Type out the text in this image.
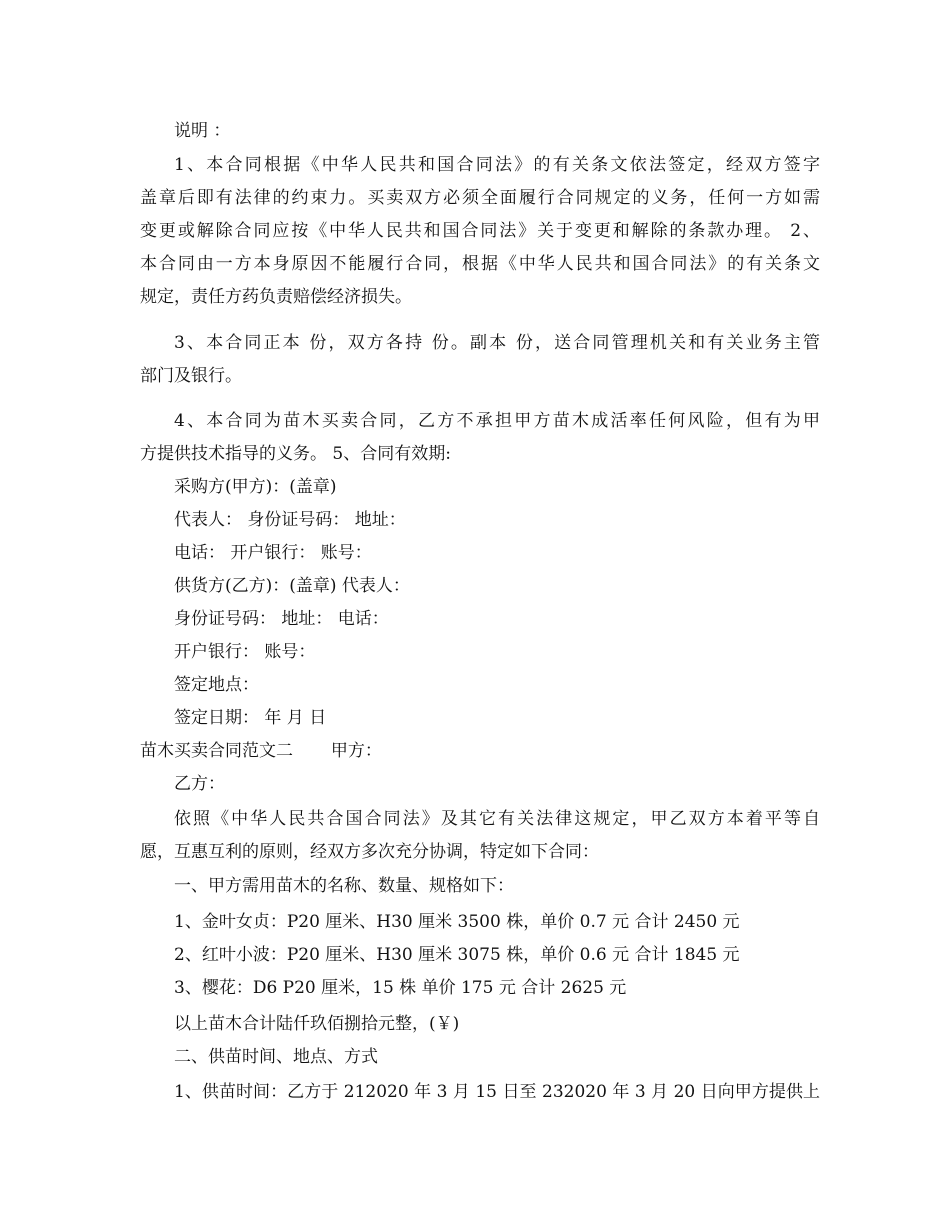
说明 ：

1、本合同根据《中华人民共和国合同法》的有关条文依法签定，经双方签字

盖章后即有法律的约束力。买卖双方必须全面履行合同规定的义务，任何一方如需

变更或解除合同应按《中华人民共和国合同法》关于变更和解除的条款办理。 2、

本合同由一方本身原因不能履行合同，根据《中华人民共和国合同法》的有关条文

规定，责任方药负责赔偿经济损失。

3、本合同正本 份，双方各持 份。副本 份，送合同管理机关和有关业务主管

部门及银行。

4、本合同为苗木买卖合同，乙方不承担甲方苗木成活率任何风险，但有为甲

方提供技术指导的义务。 5、合同有效期:

采购方(甲方)：(盖章)

代表人： 身份证号码： 地址：

电话： 开户银行： 账号：

供货方(乙方)：(盖章) 代表人：

身份证号码： 地址： 电话：

开户银行： 账号：

签定地点：

签定日期： 年 月 日

苗木买卖合同范文二       甲方：

乙方：

依照《中华人民共合国合同法》及其它有关法律这规定，甲乙双方本着平等自

愿，互惠互利的原则，经双方多次充分协调，特定如下合同：

一、甲方需用苗木的名称、数量、规格如下：

1、金叶女贞：P20 厘米、H30 厘米 3500 株，单价 0.7 元 合计 2450 元

2、红叶小波：P20 厘米、H30 厘米 3075 株，单价 0.6 元 合计 1845 元

3、樱花：D6 P20 厘米，15 株 单价 175 元 合计 2625 元

以上苗木合计陆仟玖佰捌拾元整，(￥)

二、供苗时间、地点、方式

1、供苗时间：乙方于 212020 年 3 月 15 日至 232020 年 3 月 20 日向甲方提供上
